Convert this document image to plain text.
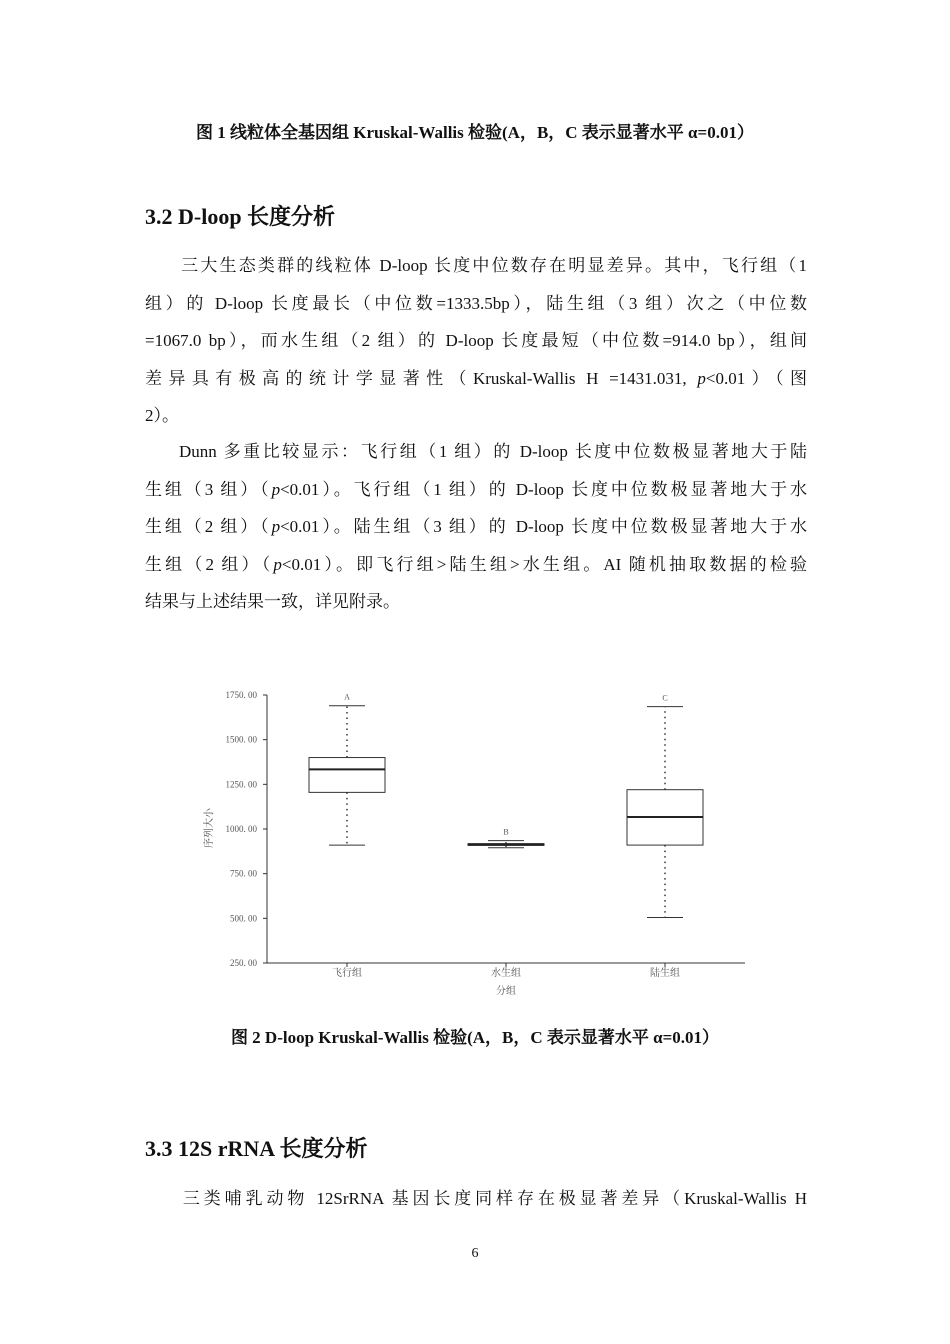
图 1 线粒体全基因组 Kruskal-Wallis 检验(A，B，C 表示显著水平 α=0.01）
3.2 D-loop 长度分析
三大生态类群的线粒体 D-loop 长度中位数存在明显差异。其中，飞行组（1
组）的 D-loop 长度最长（中位数=1333.5bp），陆生组（3 组）次之（中位数
=1067.0 bp），而水生组（2 组）的 D-loop 长度最短（中位数=914.0 bp），组间
差异具有极高的统计学显著性（Kruskal-Wallis H =1431.031, p<0.01）（图
2）。
Dunn 多重比较显示：飞行组（1 组）的 D-loop 长度中位数极显著地大于陆
生组（3 组）（p<0.01）。飞行组（1 组）的 D-loop 长度中位数极显著地大于水
生组（2 组）（p<0.01）。陆生组（3 组）的 D-loop 长度中位数极显著地大于水
生组（2 组）（p<0.01）。即飞行组>陆生组>水生组。AI 随机抽取数据的检验
结果与上述结果一致，详见附录。
1750. 00
1500. 00
1250. 00
1000. 00
750. 00
500. 00
250. 00
A
B
C
飞行组	水生组	陆生组
序列大小
分组
图 2 D-loop Kruskal-Wallis 检验(A，B，C 表示显著水平 α=0.01）
3.3 12S rRNA 长度分析
三类哺乳动物 12SrRNA 基因长度同样存在极显著差异（Kruskal-Wallis H
6
